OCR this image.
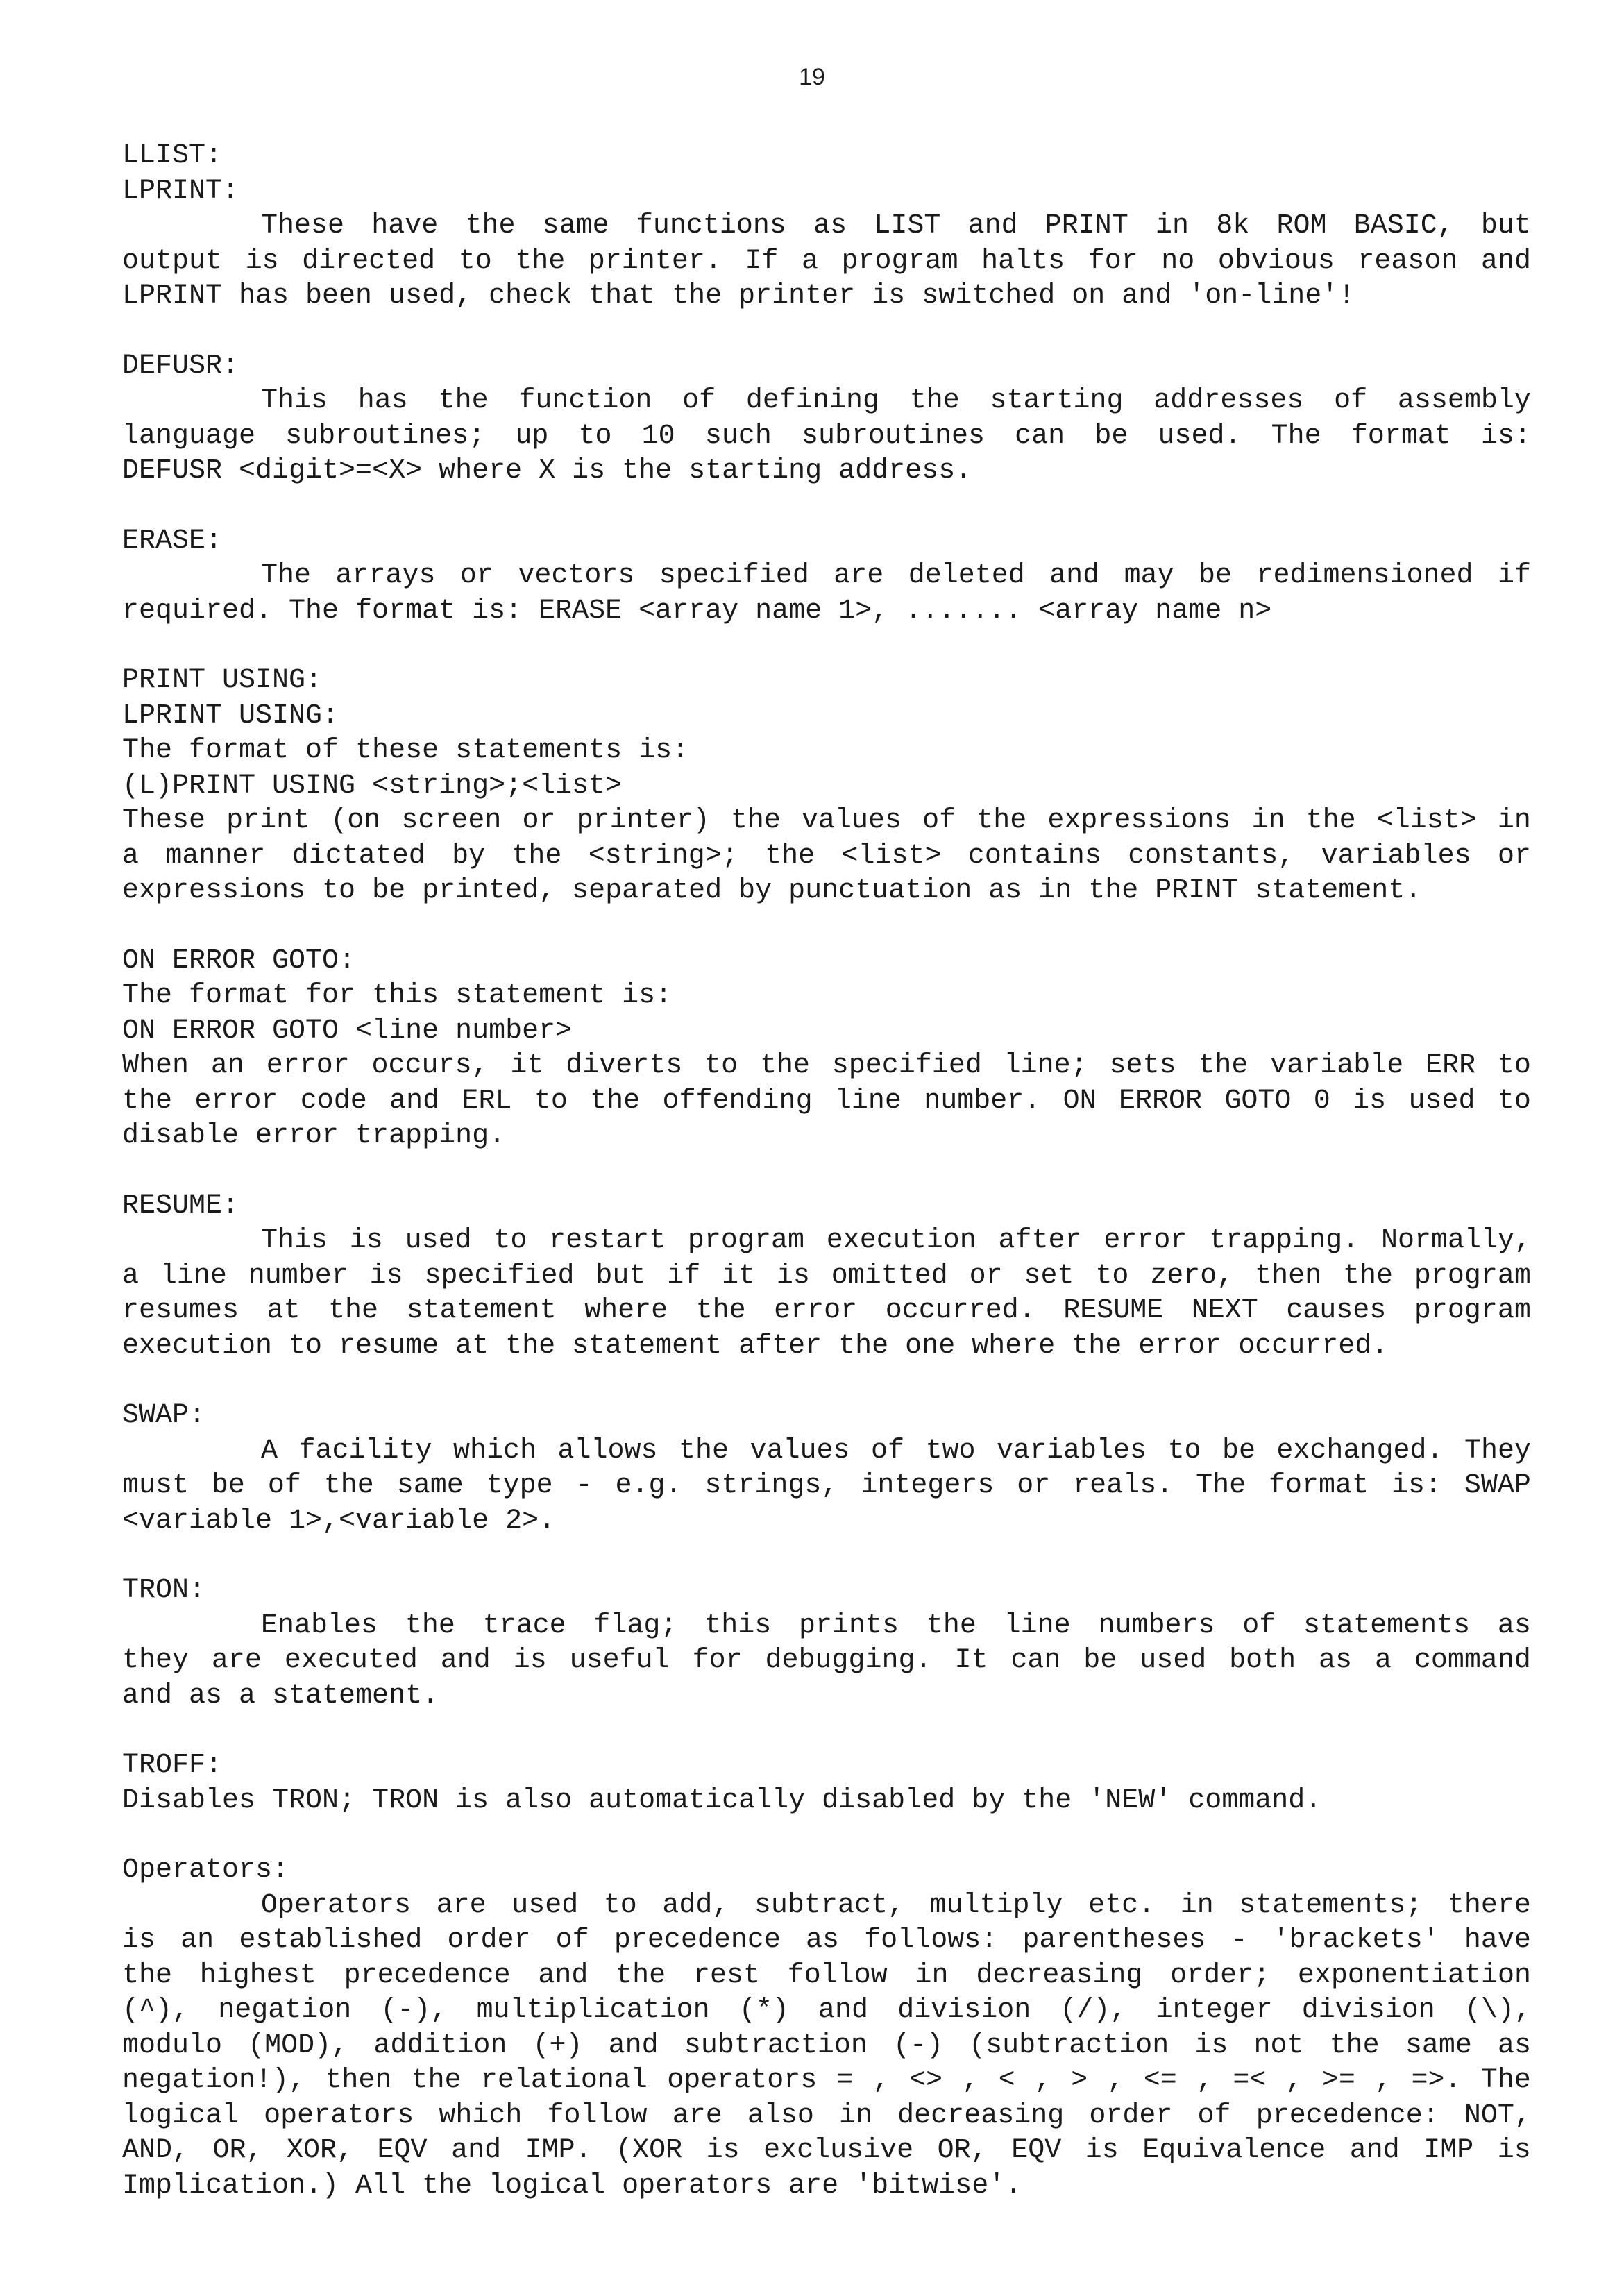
19
LLIST:
LPRINT:
These have the same functions as LIST and PRINT in 8k ROM BASIC, but
output is directed to the printer. If a program halts for no obvious reason and
LPRINT has been used, check that the printer is switched on and 'on-line'!
DEFUSR:
This has the function of defining the starting addresses of assembly
language subroutines; up to 10 such subroutines can be used. The format is:
DEFUSR <digit>=<X> where X is the starting address.
ERASE:
The arrays or vectors specified are deleted and may be redimensioned if
required. The format is: ERASE <array name 1>, ....... <array name n>
PRINT USING:
LPRINT USING:
The format of these statements is:
(L)PRINT USING <string>;<list>
These print (on screen or printer) the values of the expressions in the <list> in
a manner dictated by the <string>; the <list> contains constants, variables or
expressions to be printed, separated by punctuation as in the PRINT statement.
ON ERROR GOTO:
The format for this statement is:
ON ERROR GOTO <line number>
When an error occurs, it diverts to the specified line; sets the variable ERR to
the error code and ERL to the offending line number. ON ERROR GOTO 0 is used to
disable error trapping.
RESUME:
This is used to restart program execution after error trapping. Normally,
a line number is specified but if it is omitted or set to zero, then the program
resumes at the statement where the error occurred. RESUME NEXT causes program
execution to resume at the statement after the one where the error occurred.
SWAP:
A facility which allows the values of two variables to be exchanged. They
must be of the same type - e.g. strings, integers or reals. The format is: SWAP
<variable 1>,<variable 2>.
TRON:
Enables the trace flag; this prints the line numbers of statements as
they are executed and is useful for debugging. It can be used both as a command
and as a statement.
TROFF:
Disables TRON; TRON is also automatically disabled by the 'NEW' command.
Operators:
Operators are used to add, subtract, multiply etc. in statements; there
is an established order of precedence as follows: parentheses - 'brackets' have
the highest precedence and the rest follow in decreasing order; exponentiation
(^), negation (-), multiplication (*) and division (/), integer division (\),
modulo (MOD), addition (+) and subtraction (-) (subtraction is not the same as
negation!), then the relational operators = , <> , < , > , <= , =< , >= , =>. The
logical operators which follow are also in decreasing order of precedence: NOT,
AND, OR, XOR, EQV and IMP. (XOR is exclusive OR, EQV is Equivalence and IMP is
Implication.) All the logical operators are 'bitwise'.
